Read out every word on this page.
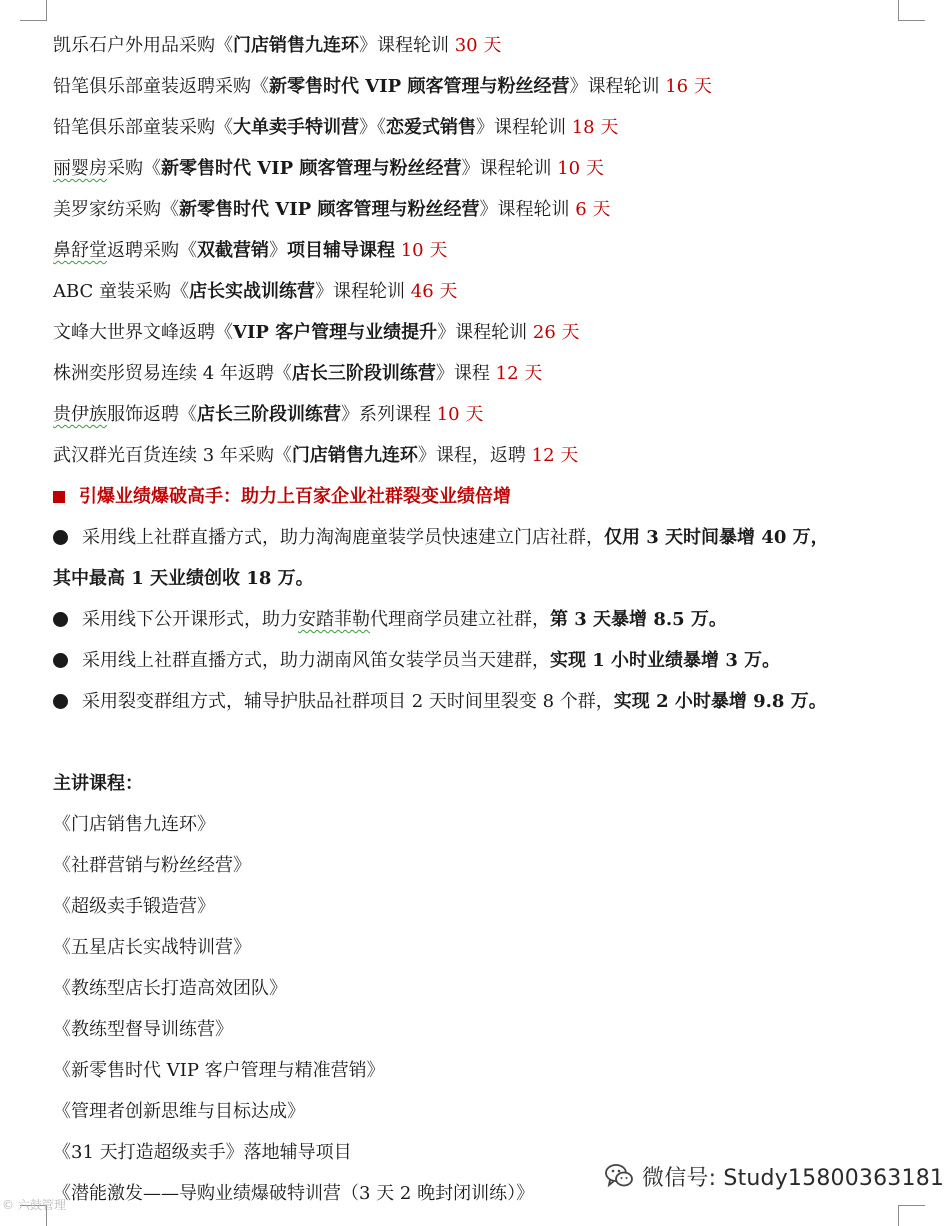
凯乐石户外用品采购《门店销售九连环》课程轮训 30 天
铅笔俱乐部童装返聘采购《新零售时代 VIP 顾客管理与粉丝经营》课程轮训 16 天
铅笔俱乐部童装采购《大单卖手特训营》《恋爱式销售》课程轮训 18 天
丽婴房采购《新零售时代 VIP 顾客管理与粉丝经营》课程轮训 10 天
美罗家纺采购《新零售时代 VIP 顾客管理与粉丝经营》课程轮训 6 天
鼻舒堂返聘采购《双截营销》项目辅导课程 10 天
ABC 童装采购《店长实战训练营》课程轮训 46 天
文峰大世界文峰返聘《VIP 客户管理与业绩提升》课程轮训 26 天
株洲奕彤贸易连续 4 年返聘《店长三阶段训练营》课程 12 天
贵伊族服饰返聘《店长三阶段训练营》系列课程 10 天
武汉群光百货连续 3 年采购《门店销售九连环》课程，返聘 12 天
引爆业绩爆破高手：助力上百家企业社群裂变业绩倍增
采用线上社群直播方式，助力淘淘鹿童装学员快速建立门店社群，仅用 3 天时间暴增 40 万，
其中最高 1 天业绩创收 18 万。
采用线下公开课形式，助力安踏菲勒代理商学员建立社群，第 3 天暴增 8.5 万。
采用线上社群直播方式，助力湖南风笛女装学员当天建群，实现 1 小时业绩暴增 3 万。
采用裂变群组方式，辅导护肤品社群项目 2 天时间里裂变 8 个群，实现 2 小时暴增 9.8 万。
主讲课程：
《门店销售九连环》
《社群营销与粉丝经营》
《超级卖手锻造营》
《五星店长实战特训营》
《教练型店长打造高效团队》
《教练型督导训练营》
《新零售时代 VIP 客户管理与精准营销》
《管理者创新思维与目标达成》
《31 天打造超级卖手》落地辅导项目
《潜能激发——导购业绩爆破特训营（3 天 2 晚封闭训练）》
微信号: Study15800363181
© 六鼓管理
